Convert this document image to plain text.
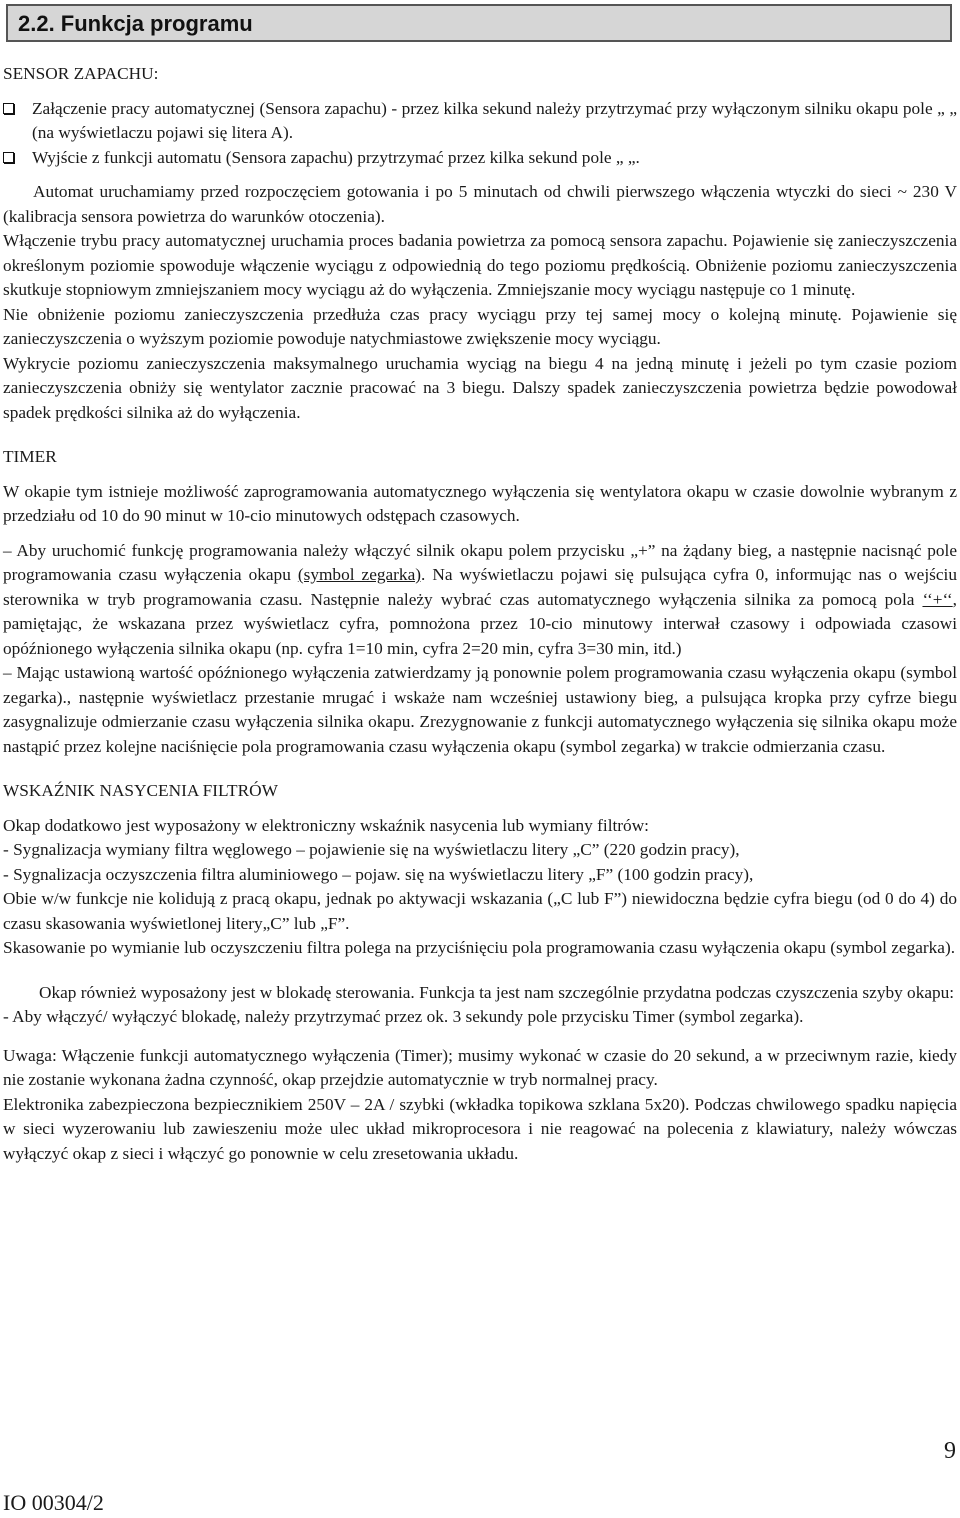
2.2. Funkcja programu

SENSOR ZAPACHU:

Załączenie pracy automatycznej (Sensora zapachu) - przez kilka sekund należy przytrzymać przy wyłączonym silniku okapu pole „ „ (na wyświetlaczu pojawi się litera A).
Wyjście z funkcji automatu (Sensora zapachu) przytrzymać przez kilka sekund pole „ „.

Automat uruchamiamy przed rozpoczęciem gotowania i po 5 minutach od chwili pierwszego włączenia wtyczki do sieci ~ 230 V (kalibracja sensora powietrza do warunków otoczenia).

Włączenie trybu pracy automatycznej uruchamia proces badania powietrza za pomocą sensora zapachu. Pojawienie się zanieczyszczenia określonym poziomie spowoduje włączenie wyciągu z odpowiednią do tego poziomu prędkością. Obniżenie poziomu zanieczyszczenia skutkuje stopniowym zmniejszaniem mocy wyciągu aż do wyłączenia. Zmniejszanie mocy wyciągu następuje co 1 minutę.

Nie obniżenie poziomu zanieczyszczenia przedłuża czas pracy wyciągu przy tej samej mocy o kolejną minutę. Pojawienie się zanieczyszczenia o wyższym poziomie powoduje natychmiastowe zwiększenie mocy wyciągu.

Wykrycie poziomu zanieczyszczenia maksymalnego uruchamia wyciąg na biegu 4 na jedną minutę i jeżeli po tym czasie poziom zanieczyszczenia obniży się wentylator zacznie pracować na 3 biegu. Dalszy spadek zanieczyszczenia powietrza będzie powodował spadek prędkości silnika aż do wyłączenia.

TIMER

W okapie tym istnieje możliwość zaprogramowania automatycznego wyłączenia się wentylatora okapu w czasie dowolnie wybranym z przedziału od 10 do 90 minut w 10-cio minutowych odstępach czasowych.

– Aby uruchomić funkcję programowania należy włączyć silnik okapu polem przycisku „+” na żądany bieg, a następnie nacisnąć pole programowania czasu wyłączenia okapu (symbol zegarka). Na wyświetlaczu pojawi się pulsująca cyfra 0, informując nas o wejściu sterownika w tryb programowania czasu. Następnie należy wybrać czas automatycznego wyłączenia silnika za pomocą pola ‘‘+‘‘, pamiętając, że wskazana przez wyświetlacz cyfra, pomnożona przez 10-cio minutowy interwał czasowy i odpowiada czasowi opóźnionego wyłączenia silnika okapu (np. cyfra 1=10 min, cyfra 2=20 min, cyfra 3=30 min, itd.)

– Mając ustawioną wartość opóźnionego wyłączenia zatwierdzamy ją ponownie polem programowania czasu wyłączenia okapu (symbol zegarka)., następnie wyświetlacz przestanie mrugać i wskaże nam wcześniej ustawiony bieg, a pulsująca kropka przy cyfrze biegu zasygnalizuje odmierzanie czasu wyłączenia silnika okapu. Zrezygnowanie z funkcji automatycznego wyłączenia się silnika okapu może nastąpić przez kolejne naciśnięcie pola programowania czasu wyłączenia okapu (symbol zegarka) w trakcie odmierzania czasu.

WSKAŹNIK NASYCENIA FILTRÓW

Okap dodatkowo jest wyposażony w elektroniczny wskaźnik nasycenia lub wymiany filtrów:

- Sygnalizacja wymiany filtra węglowego – pojawienie się na wyświetlaczu litery „C” (220 godzin pracy),

- Sygnalizacja oczyszczenia filtra aluminiowego – pojaw. się na wyświetlaczu litery „F” (100 godzin pracy),

Obie w/w funkcje nie kolidują z pracą okapu, jednak po aktywacji wskazania („C lub F”) niewidoczna będzie cyfra biegu (od 0 do 4) do czasu skasowania wyświetlonej litery„C” lub „F”.

Skasowanie po wymianie lub oczyszczeniu filtra polega na przyciśnięciu pola programowania czasu wyłączenia okapu (symbol zegarka).

Okap również wyposażony jest w blokadę sterowania. Funkcja ta jest nam szczególnie przydatna podczas czyszczenia szyby okapu:

- Aby włączyć/ wyłączyć blokadę, należy przytrzymać przez ok. 3 sekundy pole przycisku Timer (symbol zegarka).

Uwaga: Włączenie funkcji automatycznego wyłączenia (Timer); musimy wykonać w czasie do 20 sekund, a w przeciwnym razie, kiedy nie zostanie wykonana żadna czynność, okap przejdzie automatycznie w tryb normalnej pracy.

Elektronika zabezpieczona bezpiecznikiem 250V – 2A / szybki (wkładka topikowa szklana 5x20). Podczas chwilowego spadku napięcia w sieci wyzerowaniu lub zawieszeniu może ulec układ mikroprocesora i nie reagować na polecenia z klawiatury, należy wówczas wyłączyć okap z sieci i włączyć go ponownie w celu zresetowania układu.

9
IO 00304/2
